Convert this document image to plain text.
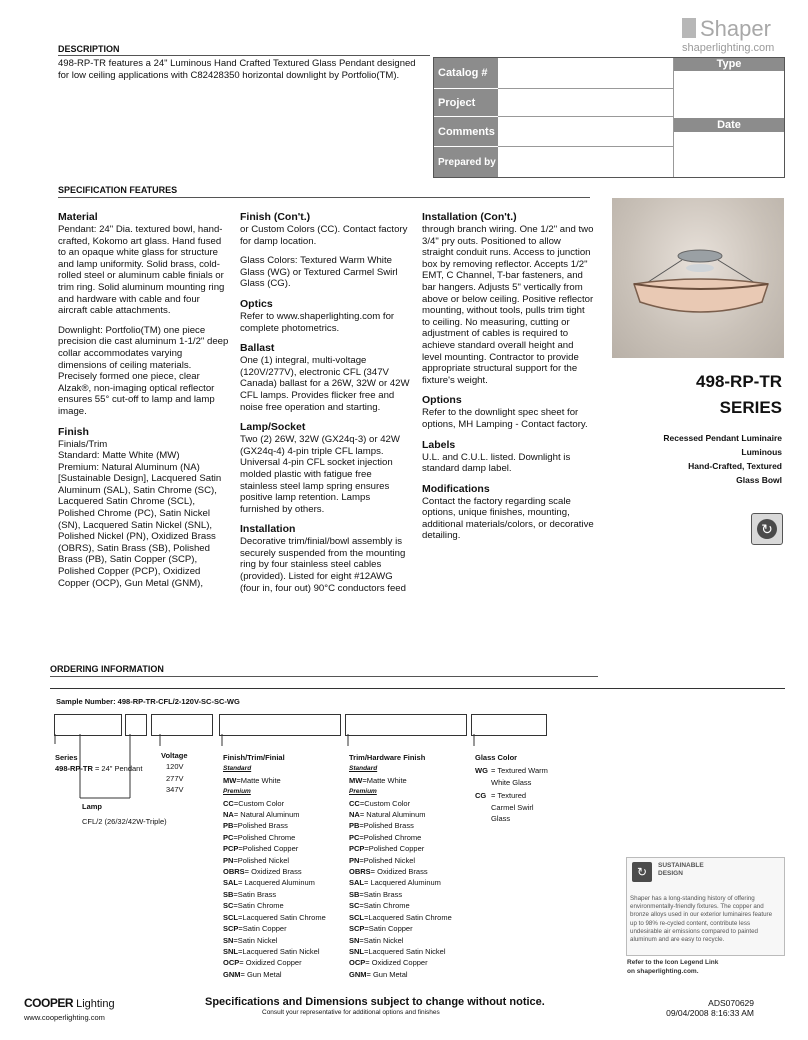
Shaper
shaperlighting.com
DESCRIPTION
498-RP-TR features a 24" Luminous Hand Crafted Textured Glass Pendant designed for low ceiling applications with C82428350 horizontal downlight by Portfolio(TM).	Catalog #
Project
Comments
Prepared by
Type
Date
SPECIFICATION FEATURES
Material

Pendant: 24" Dia. textured bowl, hand-crafted, Kokomo art glass. Hand fused to an opaque white glass for structure and lamp uniformity. Solid brass, cold-rolled steel or aluminum cable finials or trim ring. Solid aluminum mounting ring and hardware with cable and four aircraft cable attachments.

Downlight: Portfolio(TM) one piece precision die cast aluminum 1-1/2" deep collar accommodates varying dimensions of ceiling materials. Precisely formed one piece, clear Alzak®, non-imaging optical reflector ensures 55° cut-off to lamp and lamp image.

Finish

Finials/Trim
Standard: Matte White (MW)
Premium: Natural Aluminum (NA) [Sustainable Design], Lacquered Satin Aluminum (SAL), Satin Chrome (SC), Lacquered Satin Chrome (SCL), Polished Chrome (PC), Satin Nickel (SN), Lacquered Satin Nickel (SNL), Polished Nickel (PN), Oxidized Brass (OBRS), Satin Brass (SB), Polished Brass (PB), Satin Copper (SCP), Polished Copper (PCP), Oxidized Copper (OCP), Gun Metal (GNM),

Finish (Con't.)

or Custom Colors (CC). Contact factory for damp location.

Glass Colors: Textured Warm White Glass (WG) or Textured Carmel Swirl Glass (CG).

Optics

Refer to www.shaperlighting.com for complete photometrics.

Ballast

One (1) integral, multi-voltage (120V/277V), electronic CFL (347V Canada) ballast for a 26W, 32W or 42W CFL lamps. Provides flicker free and noise free operation and starting.

Lamp/Socket

Two (2) 26W, 32W (GX24q-3) or 42W (GX24q-4) 4-pin triple CFL lamps. Universal 4-pin CFL socket injection molded plastic with fatigue free stainless steel lamp spring ensures positive lamp retention. Lamps furnished by others.

Installation

Decorative trim/finial/bowl assembly is securely suspended from the mounting ring by four stainless steel cables (provided). Listed for eight #12AWG (four in, four out) 90°C conductors feed

Installation (Con't.)

through branch wiring. One 1/2" and two 3/4" pry outs. Positioned to allow straight conduit runs. Access to junction box by removing reflector. Accepts 1/2" EMT, C Channel, T-bar fasteners, and bar hangers. Adjusts 5" vertically from above or below ceiling. Positive reflector mounting, without tools, pulls trim tight to ceiling. No measuring, cutting or adjustment of cables is required to achieve standard overall height and level mounting. Contractor to provide appropriate structural support for the fixture's weight.

Options

Refer to the downlight spec sheet for options, MH Lamping - Contact factory.

Labels

U.L. and C.U.L. listed. Downlight is standard damp label.

Modifications

Contact the factory regarding scale options, unique finishes, mounting, additional materials/colors, or decorative detailing.

498-RP-TR
SERIES
Recessed Pendant Luminaire
Luminous
Hand-Crafted, Textured
Glass Bowl
↻
ORDERING INFORMATION
Sample Number: 498-RP-TR-CFL/2-120V-SC-SC-WG
Series
498-RP-TR = 24" Pendant
Lamp
CFL/2 (26/32/42W-Triple)
Voltage
120V
277V
347V
Finish/Trim/Finial
Standard
MW=Matte White
Premium
CC=Custom Color
NA= Natural Aluminum
PB=Polished Brass
PC=Polished Chrome
PCP=Polished Copper
PN=Polished Nickel
OBRS= Oxidized Brass
SAL= Lacquered Aluminum
SB=Satin Brass
SC=Satin Chrome
SCL=Lacquered Satin Chrome
SCP=Satin Copper
SN=Satin Nickel
SNL=Lacquered Satin Nickel
OCP= Oxidized Copper
GNM= Gun Metal
Trim/Hardware Finish
Standard
MW=Matte White
Premium
CC=Custom Color
NA= Natural Aluminum
PB=Polished Brass
PC=Polished Chrome
PCP=Polished Copper
PN=Polished Nickel
OBRS= Oxidized Brass
SAL= Lacquered Aluminum
SB=Satin Brass
SC=Satin Chrome
SCL=Lacquered Satin Chrome
SCP=Satin Copper
SN=Satin Nickel
SNL=Lacquered Satin Nickel
OCP= Oxidized Copper
GNM= Gun Metal
Glass Color
WG = Textured Warm White Glass
CG = Textured Carmel Swirl Glass
↻	SUSTAINABLE DESIGN
Shaper has a long-standing history of offering environmentally-friendly fixtures. The copper and bronze alloys used in our exterior luminaires feature up to 98% re-cycled content, contribute less undesirable air emissions compared to painted aluminum and are easy to recycle.
Refer to the Icon Legend Link on shaperlighting.com.
COOPER Lighting
www.cooperlighting.com
Specifications and Dimensions subject to change without notice.
Consult your representative for additional options and finishes
ADS070629
09/04/2008 8:16:33 AM
